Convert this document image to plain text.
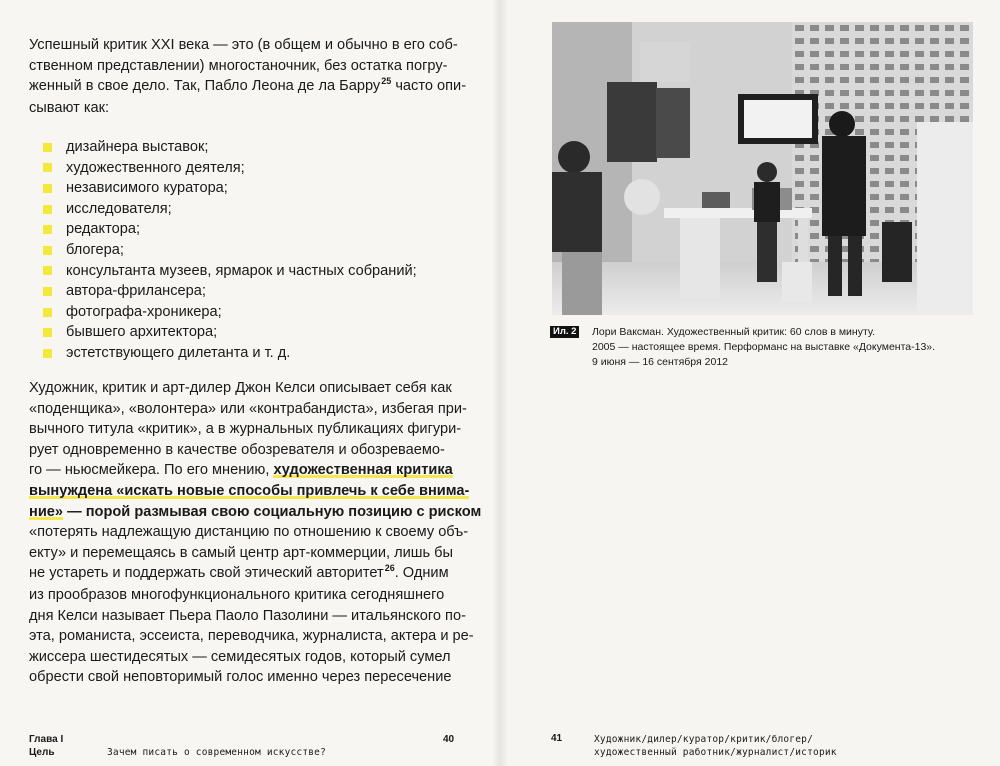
Успешный критик XXI века — это (в общем и обычно в его соб-
ственном представлении) многостаночник, без остатка погру-
женный в свое дело. Так, Пабло Леона де ла Барру$^{25}$ часто опи-
сывают как:
дизайнера выставок;
художественного деятеля;
независимого куратора;
исследователя;
редактора;
блогера;
консультанта музеев, ярмарок и частных собраний;
автора-фрилансера;
фотографа-хроникера;
бывшего архитектора;
эстетствующего дилетанта и т. д.
Художник, критик и арт-дилер Джон Келси описывает себя как
«поденщика», «волонтера» или «контрабандиста», избегая при-
вычного титула «критик», а в журнальных публикациях фигури-
рует одновременно в качестве обозревателя и обозреваемо-
го — ньюсмейкера. По его мнению, художественная критика
вынуждена «искать новые способы привлечь к себе внима-
ние» — порой размывая свою социальную позицию с риском
«потерять надлежащую дистанцию по отношению к своему объ-
екту» и перемещаясь в самый центр арт-коммерции, лишь бы
не устареть и поддержать свой этический авторитет$^{26}$. Одним
из прообразов многофункционального критика сегодняшнего
дня Келси называет Пьера Паоло Пазолини — итальянского по-
эта, романиста, эссеиста, переводчика, журналиста, актера и ре-
жиссера шестидесятых — семидесятых годов, который сумел
обрести свой неповторимый голос именно через пересечение
Глава I
Цель	Зачем писать о современном искусстве?
40
Ил. 2 Лори Ваксман. Художественный критик: 60 слов в минуту.
2005 — настоящее время. Перформанс на выставке «Документа-13».
9 июня — 16 сентября 2012
41	Художник/дилер/куратор/критик/блогер/
художественный работник/журналист/историк
